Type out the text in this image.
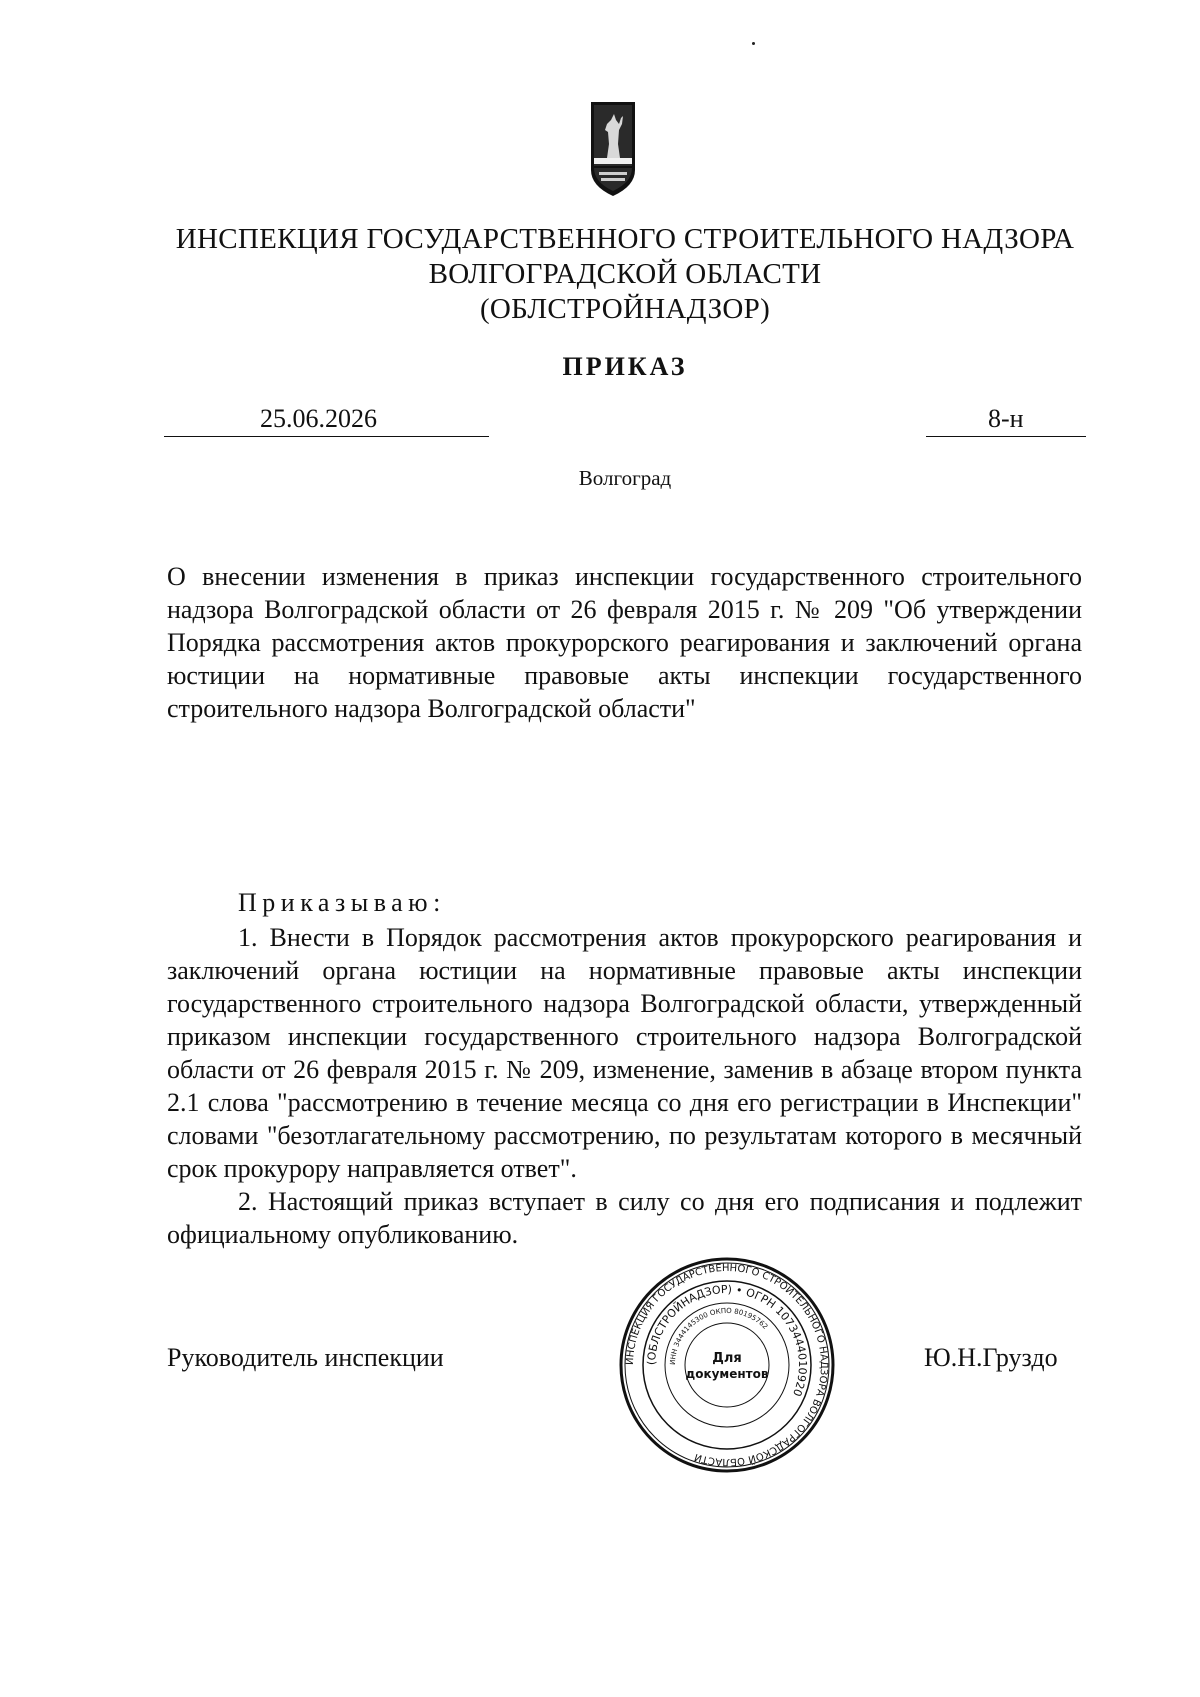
ИНСПЕКЦИЯ ГОСУДАРСТВЕННОГО СТРОИТЕЛЬНОГО НАДЗОРА
ВОЛГОГРАДСКОЙ ОБЛАСТИ
(ОБЛСТРОЙНАДЗОР)
ПРИКАЗ
25.06.2026	8-н
Волгоград
О внесении изменения в приказ инспекции государственного строительного надзора Волгоградской области от 26 февраля 2015 г. № 209 "Об утверждении Порядка рассмотрения актов прокурорского реагирования и заключений органа юстиции на нормативные правовые акты инспекции государственного строительного надзора Волгоградской области"
Приказываю:
1. Внести в Порядок рассмотрения актов прокурорского реагирования и заключений органа юстиции на нормативные правовые акты инспекции государственного строительного надзора Волгоградской области, утвержденный приказом инспекции государственного строительного надзора Волгоградской области от 26 февраля 2015 г. № 209, изменение, заменив в абзаце втором пункта 2.1 слова "рассмотрению в течение месяца со дня его регистрации в Инспекции" словами "безотлагательному рассмотрению, по результатам которого в месячный срок прокурору направляется ответ".
2. Настоящий приказ вступает в силу со дня его подписания и подлежит официальному опубликованию.
Руководитель инспекции	ИНСПЕКЦИЯ ГОСУДАРСТВЕННОГО СТРОИТЕЛЬНОГО НАДЗОРА ВОЛГОГРАДСКОЙ ОБЛАСТИ
(ОБЛСТРОЙНАДЗОР) • ОГРН 1073444010920
ИНН 3444145300 ОКПО 80195762
Для
документов
Ю.Н.Груздо
